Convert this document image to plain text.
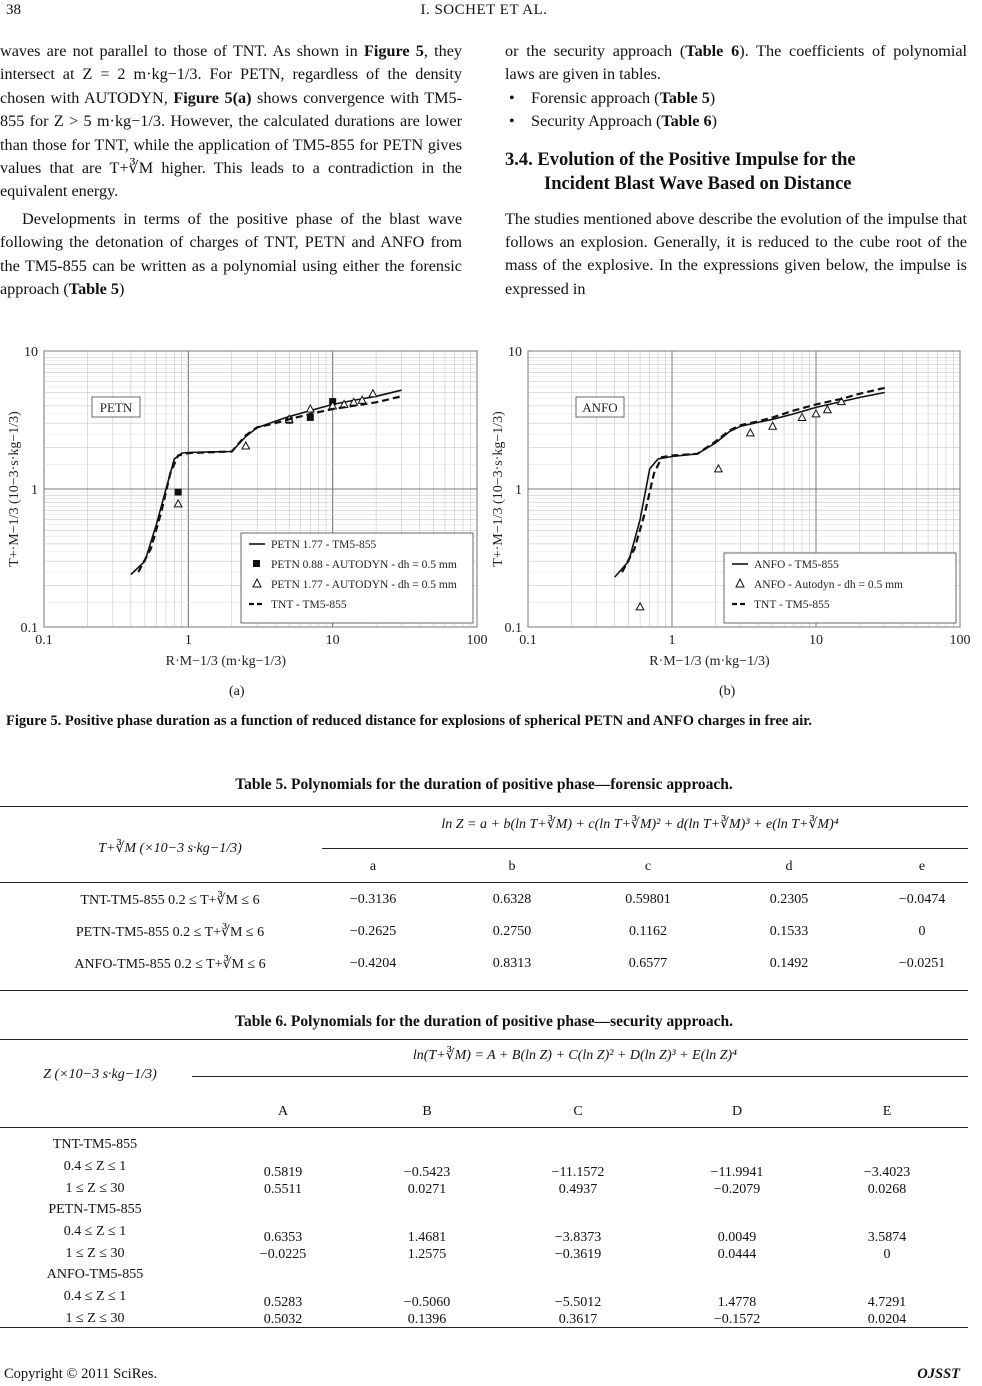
38	I. SOCHET ET AL.

waves are not parallel to those of TNT. As shown in Figure 5, they intersect at Z = 2 m·kg−1/3. For PETN, regardless of the density chosen with AUTODYN, Figure 5(a) shows convergence with TM5-855 for Z > 5 m·kg−1/3. However, the calculated durations are lower than those for TNT, while the application of TM5-855 for PETN gives values that are T+∛M higher. This leads to a contradiction in the equivalent energy.

Developments in terms of the positive phase of the blast wave following the detonation of charges of TNT, PETN and ANFO from the TM5-855 can be written as a polynomial using either the forensic approach (Table 5)

or the security approach (Table 6). The coefficients of polynomial laws are given in tables.

• Forensic approach (Table 5)
• Security Approach (Table 6)
3.4. Evolution of the Positive Impulse for the
Incident Blast Wave Based on Distance

The studies mentioned above describe the evolution of the impulse that follows an explosion. Generally, it is reduced to the cube root of the mass of the explosive. In the expressions given below, the impulse is expressed in

0.1	1	10	100
0.1
1
10
R·M−1/3 (m·kg−1/3)
T+·M−1/3 (10−3·s·kg−1/3)
PETN
PETN 1.77 - TM5-855
PETN 0.88 - AUTODYN - dh = 0.5 mm
PETN 1.77 - AUTODYN - dh = 0.5 mm
TNT - TM5-855
0.1	1	10	100
0.1
1
10
R·M−1/3 (m·kg−1/3)
T+·M−1/3 (10−3·s·kg−1/3)
ANFO
ANFO - TM5-855
ANFO - Autodyn - dh = 0.5 mm
TNT - TM5-855
(a)	(b)
Figure 5. Positive phase duration as a function of reduced distance for explosions of spherical PETN and ANFO charges in free air.
Table 5. Polynomials for the duration of positive phase―forensic approach.
T+∛M (×10−3 s·kg−1/3)
ln Z = a + b(ln T+∛M) + c(ln T+∛M)² + d(ln T+∛M)³ + e(ln T+∛M)⁴
a	b	c	d	e
TNT-TM5-855 0.2 ≤ T+∛M ≤ 6	−0.3136	0.6328	0.59801	0.2305	−0.0474
PETN-TM5-855 0.2 ≤ T+∛M ≤ 6	−0.2625	0.2750	0.1162	0.1533	0
ANFO-TM5-855 0.2 ≤ T+∛M ≤ 6	−0.4204	0.8313	0.6577	0.1492	−0.0251
Table 6. Polynomials for the duration of positive phase—security approach.
Z (×10−3 s·kg−1/3)
ln(T+∛M) = A + B(ln Z) + C(ln Z)² + D(ln Z)³ + E(ln Z)⁴
A	B	C	D	E
TNT-TM5-855
0.4 ≤ Z ≤ 1
1 ≤ Z ≤ 30
0.5819	−0.5423	−11.1572	−11.9941	−3.4023
0.5511	0.0271	0.4937	−0.2079	0.0268
PETN-TM5-855
0.4 ≤ Z ≤ 1
1 ≤ Z ≤ 30
0.6353	1.4681	−3.8373	0.0049	3.5874
−0.0225	1.2575	−0.3619	0.0444	0
ANFO-TM5-855
0.4 ≤ Z ≤ 1
1 ≤ Z ≤ 30
0.5283	−0.5060	−5.5012	1.4778	4.7291
0.5032	0.1396	0.3617	−0.1572	0.0204
Copyright © 2011 SciRes.	OJSST
